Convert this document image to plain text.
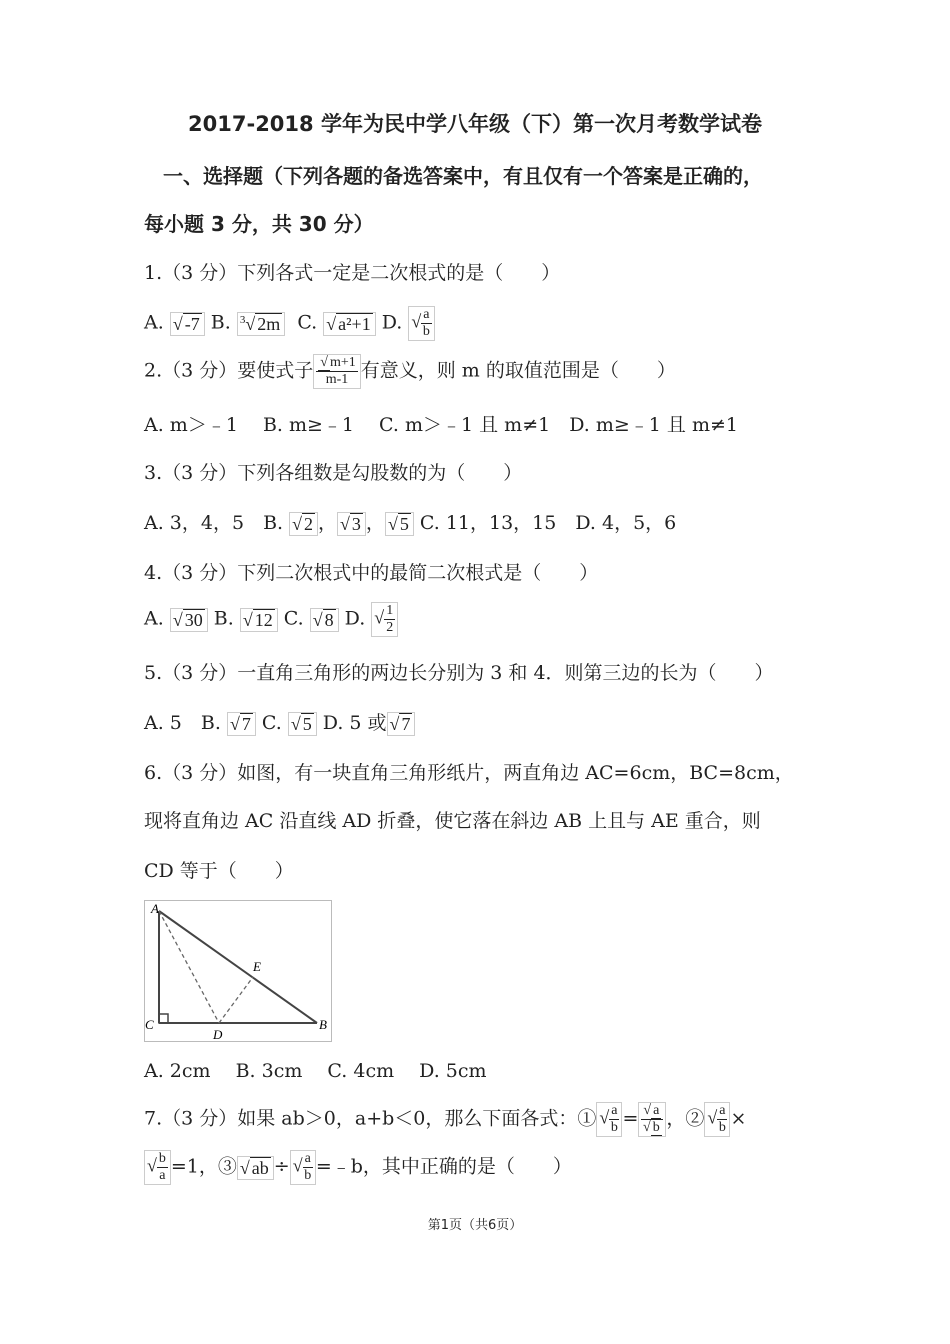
2017-2018 学年为民中学八年级（下）第一次月考数学试卷
一、选择题（下列各题的备选答案中，有且仅有一个答案是正确的，
每小题 3 分，共 30 分）
1.（3 分）下列各式一定是二次根式的是（　　）
A. √ -7 B. $^3$√ 2m C. √ a²+1 D. √ $\frac{a}{b}$
2.（3 分）要使式子 $\frac{√ m+1}{m-1}$ 有意义，则 m 的取值范围是（　　）
A. m＞﹣1　 B. m≥﹣1　 C. m＞﹣1 且 m≠1　D. m≥﹣1 且 m≠1
3.（3 分）下列各组数是勾股数的为（　　）
A. 3，4，5　B. √ 2 ， √ 3 ， √ 5 C. 11，13，15　D. 4，5，6
4.（3 分）下列二次根式中的最简二次根式是（　　）
A. √ 30 B. √ 12 C. √ 8 D. √ $\frac{1}{2}$
5.（3 分）一直角三角形的两边长分别为 3 和 4．则第三边的长为（　　）
A. 5　B. √ 7 C. √ 5 D. 5 或 √ 7
6.（3 分）如图，有一块直角三角形纸片，两直角边 AC=6cm，BC=8cm，
现将直角边 AC 沿直线 AD 折叠，使它落在斜边 AB 上且与 AE 重合，则
CD 等于（　　）
A
C
D
E
B
A. 2cm　 B. 3cm　 C. 4cm　 D. 5cm
7.（3 分）如果 ab＞0，a+b＜0，那么下面各式：① √ $\frac{a}{b} = \frac{√ a}{√ b}$ ，② √ $\frac{a}{b}$ ×
√ $\frac{b}{a} =1$，③ √ ab ÷ √ $\frac{a}{b}$ =﹣b，其中正确的是（　　）
第1页（共6页）
